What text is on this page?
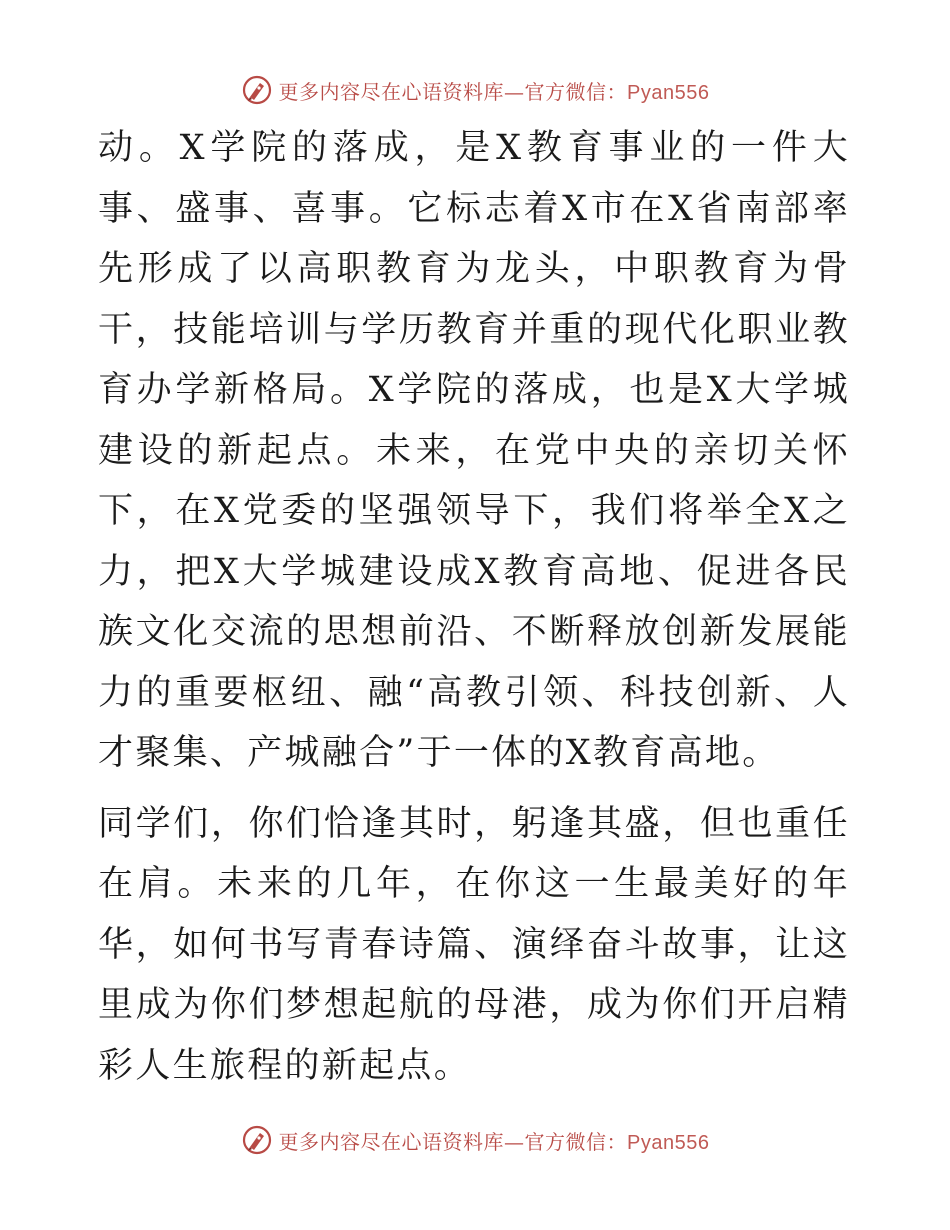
更多内容尽在心语资料库—官方微信：Pyan556

动。X学院的落成，是X教育事业的一件大事、盛事、喜事。它标志着X市在X省南部率先形成了以高职教育为龙头，中职教育为骨干，技能培训与学历教育并重的现代化职业教育办学新格局。X学院的落成，也是X大学城建设的新起点。未来，在党中央的亲切关怀下，在X党委的坚强领导下，我们将举全X之力，把X大学城建设成X教育高地、促进各民族文化交流的思想前沿、不断释放创新发展能力的重要枢纽、融“高教引领、科技创新、人才聚集、产城融合”于一体的X教育高地。

同学们，你们恰逢其时，躬逢其盛，但也重任在肩。未来的几年，在你这一生最美好的年华，如何书写青春诗篇、演绎奋斗故事，让这里成为你们梦想起航的母港，成为你们开启精彩人生旅程的新起点。

更多内容尽在心语资料库—官方微信：Pyan556
